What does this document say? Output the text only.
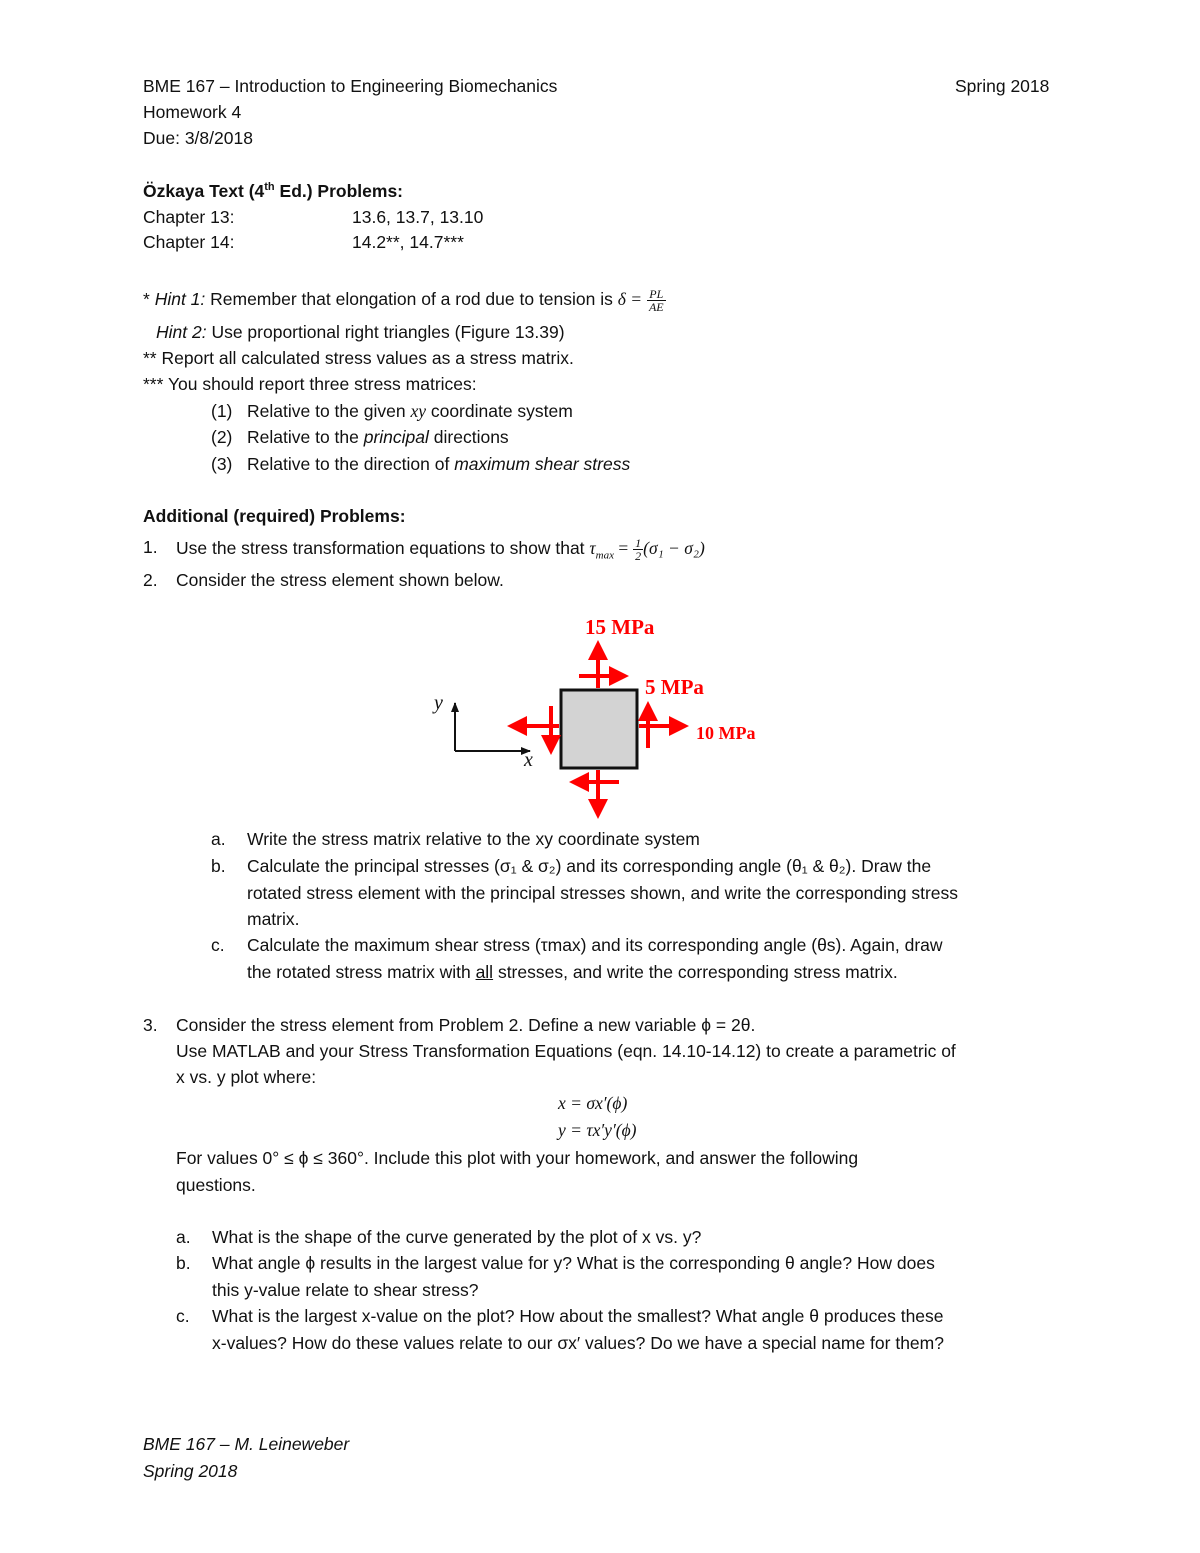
BME 167 – Introduction to Engineering Biomechanics	Spring 2018
Homework 4
Due: 3/8/2018
Özkaya Text (4th Ed.) Problems:
Chapter 13:	13.6, 13.7, 13.10
Chapter 14:	14.2**, 14.7***
* Hint 1: Remember that elongation of a rod due to tension is $\delta = \frac{PL}{AE}$
Hint 2: Use proportional right triangles (Figure 13.39)
** Report all calculated stress values as a stress matrix.
*** You should report three stress matrices:
(1) Relative to the given xy coordinate system
(2) Relative to the principal directions
(3) Relative to the direction of maximum shear stress
Additional (required) Problems:
1. Use the stress transformation equations to show that $\tau_{max} = \frac{1}{2} (\sigma_1 - \sigma_2)$
2. Consider the stress element shown below.
y
x
15 MPa
5 MPa
10 MPa
a. Write the stress matrix relative to the xy coordinate system
b. Calculate the principal stresses (σ₁ & σ₂) and its corresponding angle (θ₁ & θ₂). Draw the
rotated stress element with the principal stresses shown, and write the corresponding stress
matrix.
c. Calculate the maximum shear stress (τmax) and its corresponding angle (θs). Again, draw
the rotated stress matrix with all stresses, and write the corresponding stress matrix.
3. Consider the stress element from Problem 2. Define a new variable ϕ = 2θ.
Use MATLAB and your Stress Transformation Equations (eqn. 14.10-14.12) to create a parametric of
x vs. y plot where:
x = σx′(ϕ)
y = τx′y′(ϕ)
For values 0° ≤ ϕ ≤ 360°. Include this plot with your homework, and answer the following
questions.
a. What is the shape of the curve generated by the plot of x vs. y?
b. What angle ϕ results in the largest value for y? What is the corresponding θ angle? How does
this y-value relate to shear stress?
c. What is the largest x-value on the plot? How about the smallest? What angle θ produces these
x-values? How do these values relate to our σx′ values? Do we have a special name for them?
BME 167 – M. Leineweber
Spring 2018
